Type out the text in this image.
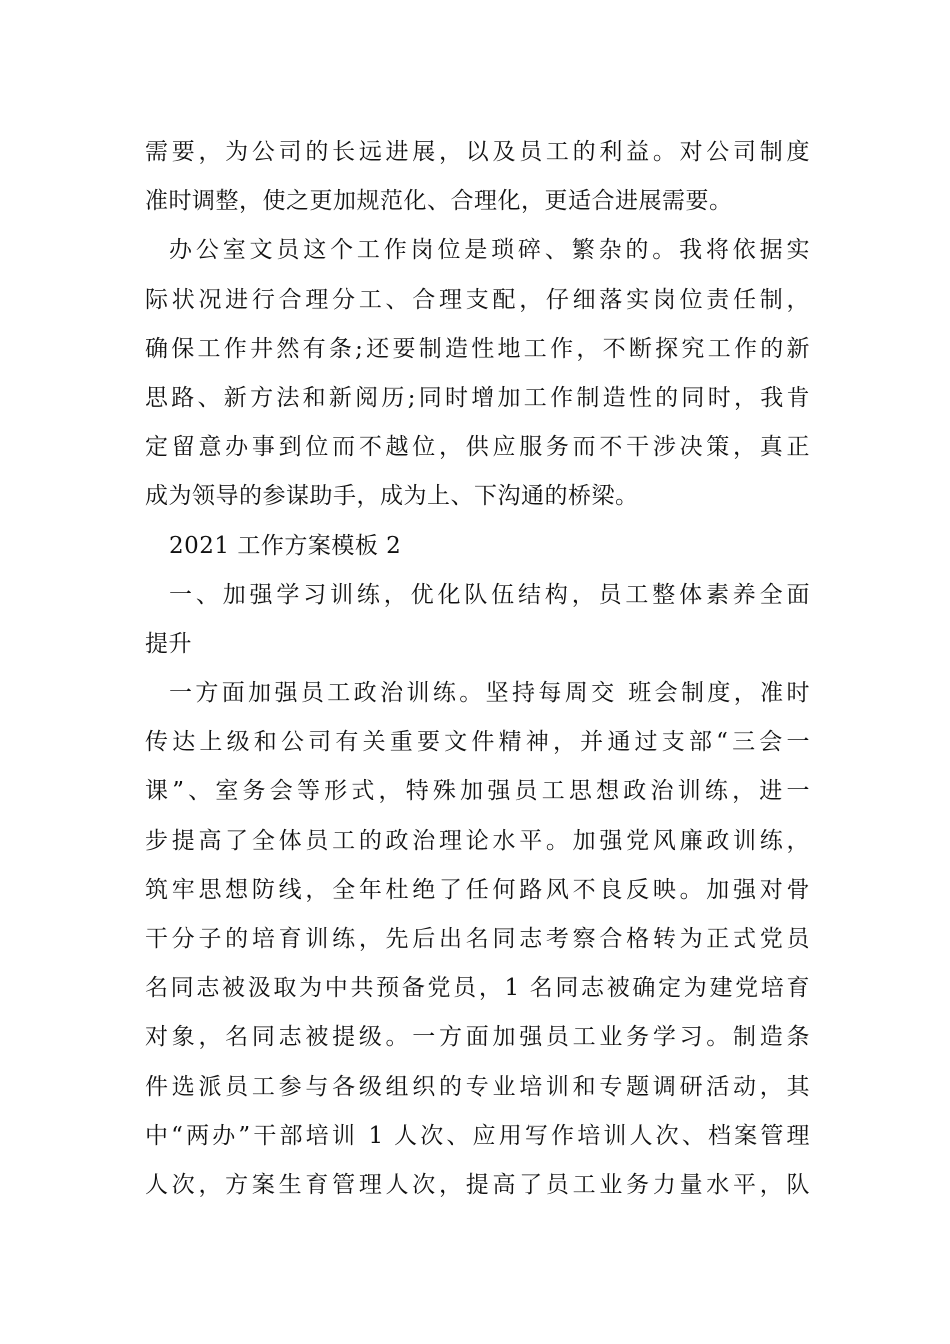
需要，为公司的长远进展，以及员工的利益。对公司制度
准时调整，使之更加规范化、合理化，更适合进展需要。
办公室文员这个工作岗位是琐碎、繁杂的。我将依据实
际状况进行合理分工、合理支配，仔细落实岗位责任制，
确保工作井然有条;还要制造性地工作，不断探究工作的新
思路、新方法和新阅历;同时增加工作制造性的同时，我肯
定留意办事到位而不越位，供应服务而不干涉决策，真正
成为领导的参谋助手，成为上、下沟通的桥梁。
2021 工作方案模板 2
一、加强学习训练，优化队伍结构，员工整体素养全面
提升
一方面加强员工政治训练。坚持每周交 班会制度，准时
传达上级和公司有关重要文件精神，并通过支部“三会一
课”、室务会等形式，特殊加强员工思想政治训练，进一
步提高了全体员工的政治理论水平。加强党风廉政训练，
筑牢思想防线，全年杜绝了任何路风不良反映。加强对骨
干分子的培育训练，先后出名同志考察合格转为正式党员
名同志被汲取为中共预备党员，1 名同志被确定为建党培育
对象，名同志被提级。一方面加强员工业务学习。制造条
件选派员工参与各级组织的专业培训和专题调研活动，其
中“两办”干部培训 1 人次、应用写作培训人次、档案管理
人次，方案生育管理人次，提高了员工业务力量水平，队
